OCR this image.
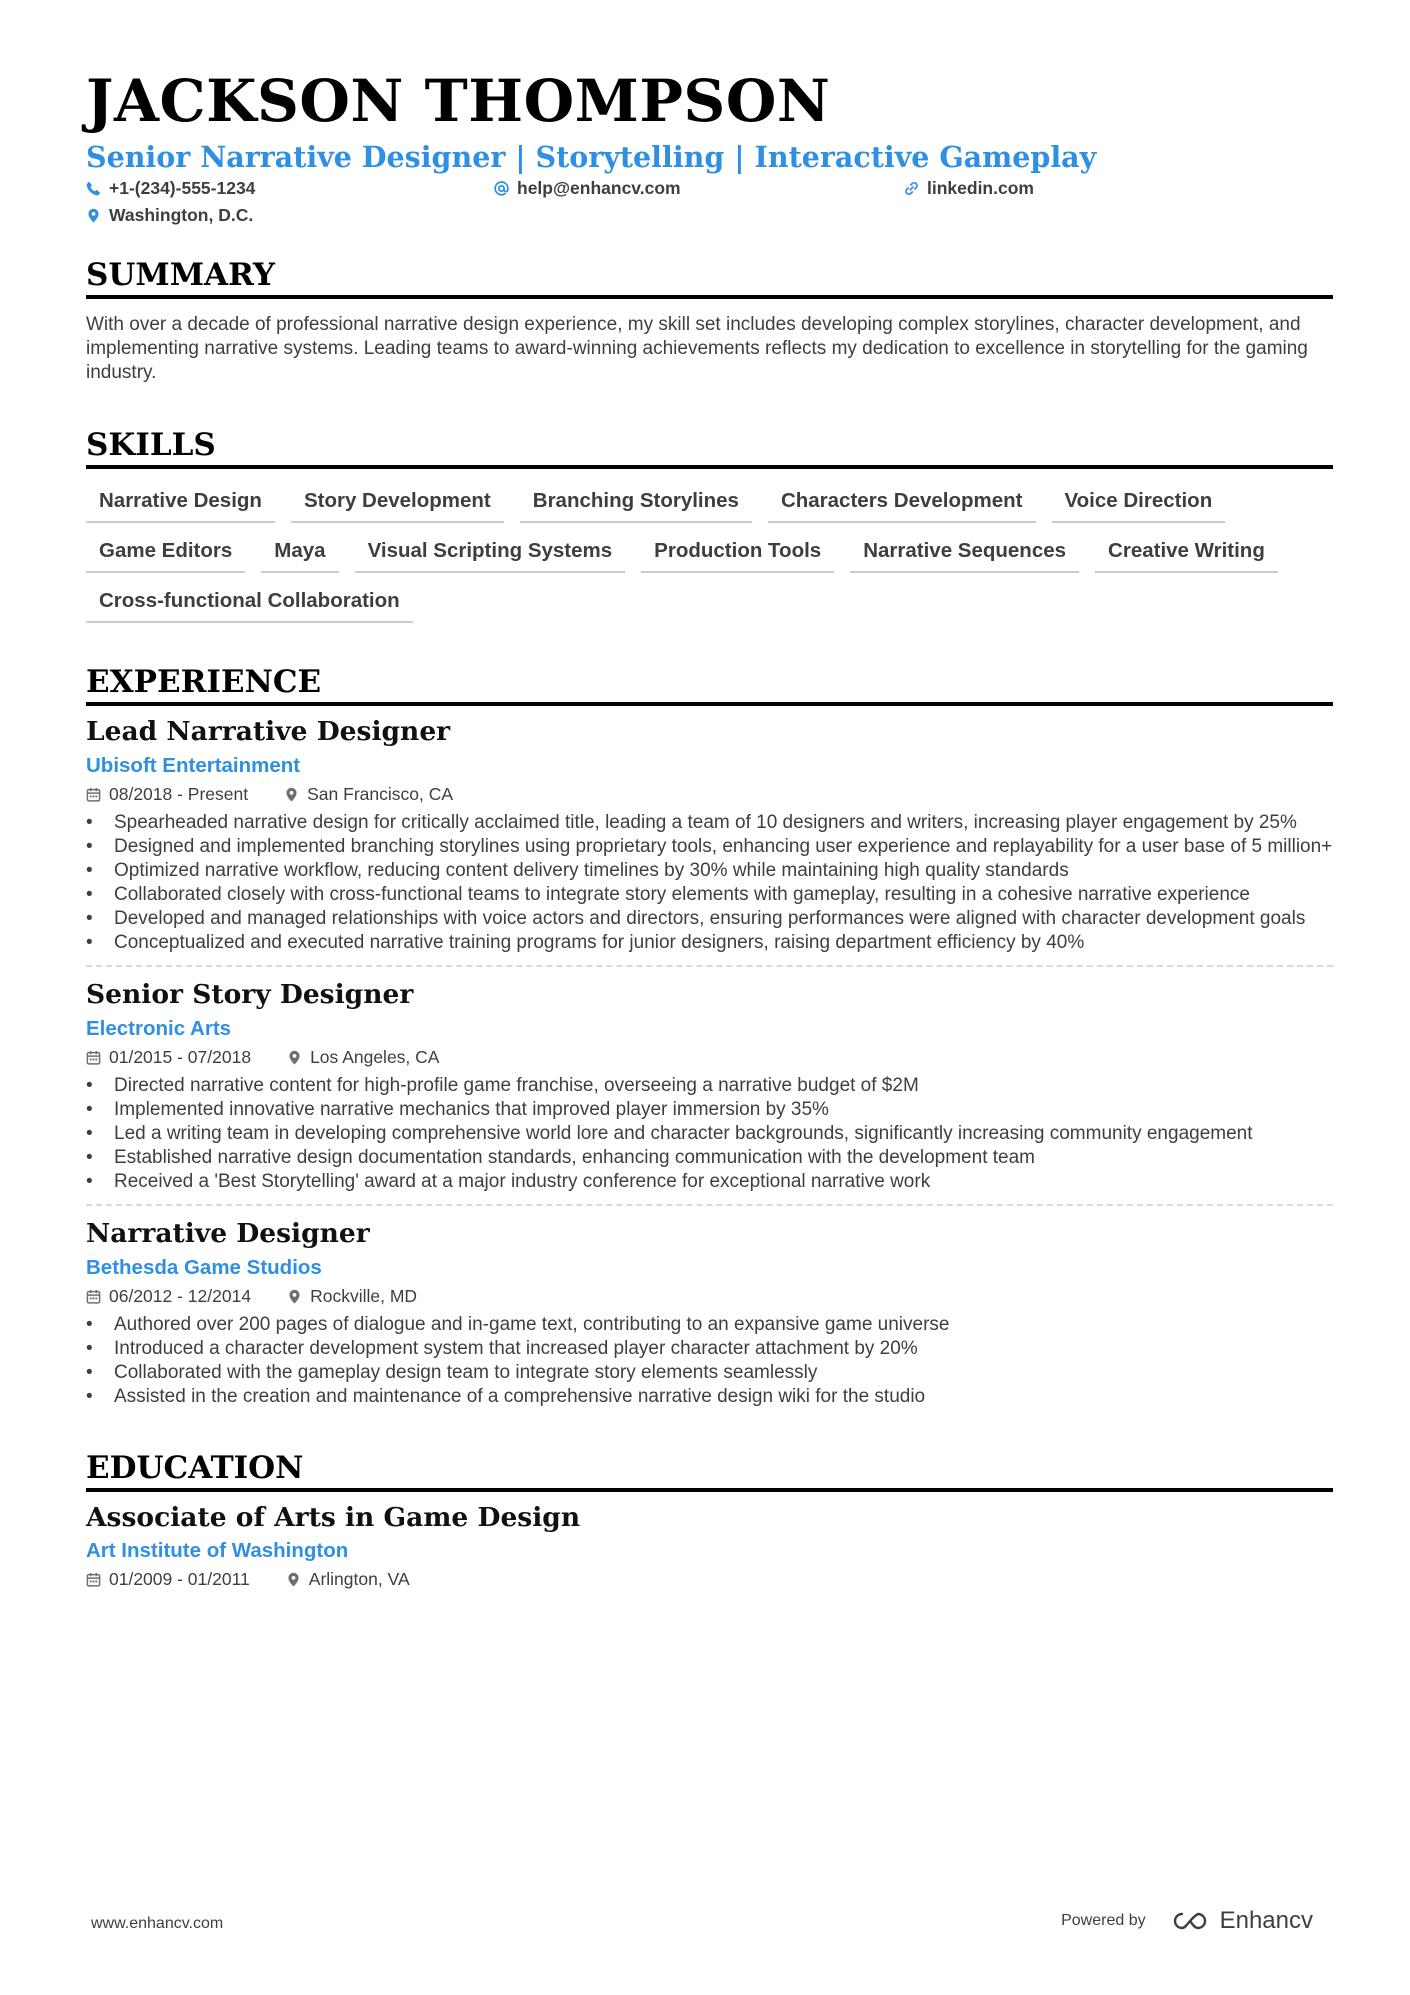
JACKSON THOMPSON
Senior Narrative Designer | Storytelling | Interactive Gameplay
+1-(234)-555-1234	help@enhancv.com	linkedin.com
Washington, D.C.
SUMMARY
With over a decade of professional narrative design experience, my skill set includes developing complex storylines, character development, and implementing narrative systems. Leading teams to award-winning achievements reflects my dedication to excellence in storytelling for the gaming industry.
SKILLS
Narrative Design	Story Development	Branching Storylines	Characters Development	Voice Direction
Game Editors	Maya	Visual Scripting Systems	Production Tools	Narrative Sequences	Creative Writing
Cross-functional Collaboration
EXPERIENCE
Lead Narrative Designer
Ubisoft Entertainment
08/2018 - Present	San Francisco, CA
• Spearheaded narrative design for critically acclaimed title, leading a team of 10 designers and writers, increasing player engagement by 25%
• Designed and implemented branching storylines using proprietary tools, enhancing user experience and replayability for a user base of 5 million+
• Optimized narrative workflow, reducing content delivery timelines by 30% while maintaining high quality standards
• Collaborated closely with cross-functional teams to integrate story elements with gameplay, resulting in a cohesive narrative experience
• Developed and managed relationships with voice actors and directors, ensuring performances were aligned with character development goals
• Conceptualized and executed narrative training programs for junior designers, raising department efficiency by 40%
Senior Story Designer
Electronic Arts
01/2015 - 07/2018	Los Angeles, CA
• Directed narrative content for high-profile game franchise, overseeing a narrative budget of $2M
• Implemented innovative narrative mechanics that improved player immersion by 35%
• Led a writing team in developing comprehensive world lore and character backgrounds, significantly increasing community engagement
• Established narrative design documentation standards, enhancing communication with the development team
• Received a 'Best Storytelling' award at a major industry conference for exceptional narrative work
Narrative Designer
Bethesda Game Studios
06/2012 - 12/2014	Rockville, MD
• Authored over 200 pages of dialogue and in-game text, contributing to an expansive game universe
• Introduced a character development system that increased player character attachment by 20%
• Collaborated with the gameplay design team to integrate story elements seamlessly
• Assisted in the creation and maintenance of a comprehensive narrative design wiki for the studio
EDUCATION
Associate of Arts in Game Design
Art Institute of Washington
01/2009 - 01/2011	Arlington, VA
www.enhancv.com	Powered by	Enhancv
